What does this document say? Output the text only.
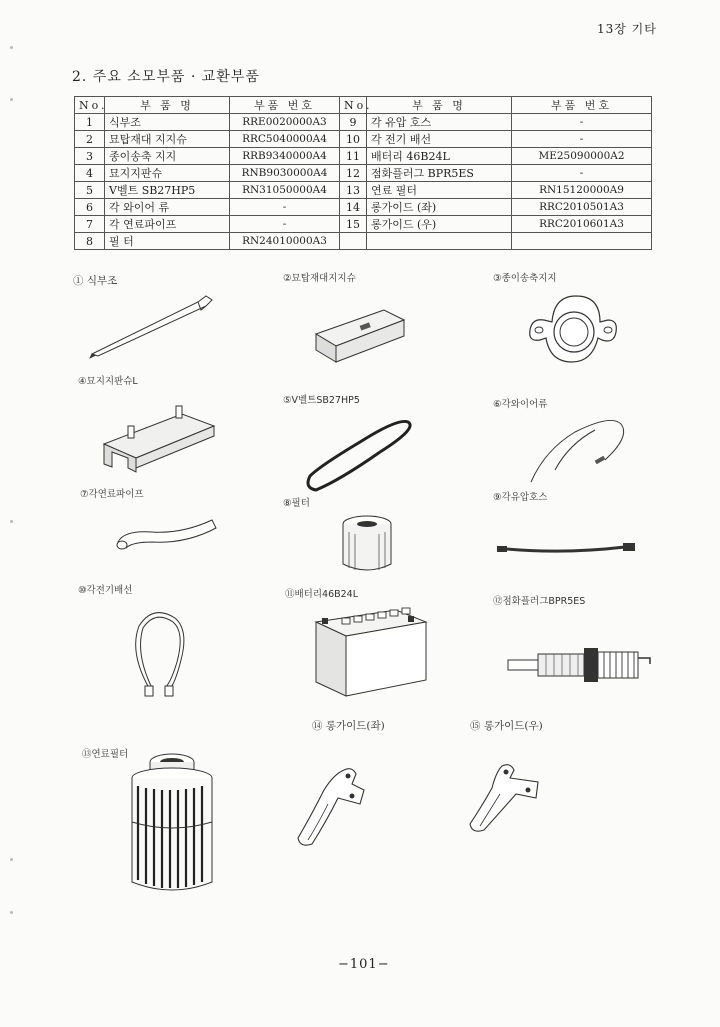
13장 기타
2. 주요 소모부품 · 교환부품
No.	부 품 명	부품 번호	No.	부 품 명	부품 번호
1	식부조	RRE0020000A3	9	각 유압 호스	-
2	묘탑재대 지지슈	RRC5040000A4	10	각 전기 배선	-
3	종이송축 지지	RRB9340000A4	11	배터리 46B24L	ME25090000A2
4	묘지지판슈	RNB9030000A4	12	점화플러그 BPR5ES	-
5	V벨트 SB27HP5	RN31050000A4	13	연료 필터	RN15120000A9
6	각 와이어 류	-	14	롱가이드 (좌)	RRC2010501A3
7	각 연료파이프	-	15	롱가이드 (우)	RRC2010601A3
8	필 터	RN24010000A3			
① 식부조	②묘탑재대지지슈	③종이송축지지
④묘지지판슈L
⑤V벨트SB27HP5	⑥각와이어류
⑦각연료파이프
⑧필터
⑨각유압호스
⑩각전기배선	⑪배터리46B24L
⑫점화플러그BPR5ES
⑬연료필터
⑭ 롱가이드(좌)	⑮ 롱가이드(우)
−101−
